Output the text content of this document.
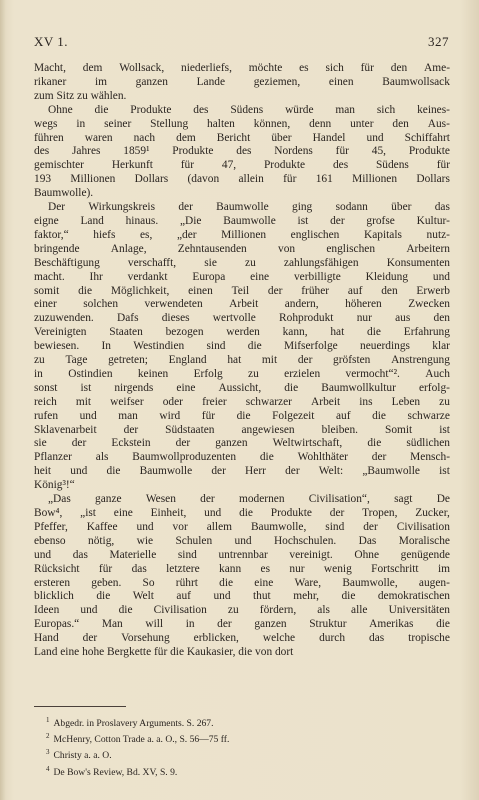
XV 1.	327
Macht, dem Wollsack, niederliefs, möchte es sich für den Ame-
rikaner	im	ganzen	Lande	geziemen,	einen	Baumwollsack
zum Sitz zu wählen.
Ohne die Produkte des Südens würde man sich keines-
wegs in seiner Stellung halten können, denn unter den Aus-
führen waren nach dem Bericht über Handel und Schiffahrt
des Jahres 1859¹ Produkte des Nordens für 45, Produkte
gemischter Herkunft für 47, Produkte des Südens für
193 Millionen Dollars (davon allein für 161 Millionen Dollars
Baumwolle).
Der Wirkungskreis der Baumwolle ging sodann über das
eigne Land hinaus. „Die Baumwolle ist der grofse Kultur-
faktor,“ hiefs es, „der Millionen englischen Kapitals nutz-
bringende	Anlage,	Zehntausenden	von	englischen	Arbeitern
Beschäftigung verschafft, sie zu zahlungsfähigen Konsumenten
macht. Ihr verdankt Europa eine verbilligte Kleidung und
somit die Möglichkeit, einen Teil der früher auf den Erwerb
einer solchen verwendeten Arbeit andern, höheren Zwecken
zuzuwenden. Dafs dieses wertvolle Rohprodukt nur aus den
Vereinigten Staaten bezogen werden kann, hat die Erfahrung
bewiesen. In Westindien sind die Mifserfolge neuerdings klar
zu Tage getreten; England hat mit der gröfsten Anstrengung
in Ostindien keinen Erfolg zu erzielen vermocht“². Auch
sonst ist nirgends eine Aussicht, die Baumwollkultur erfolg-
reich mit weifser oder freier schwarzer Arbeit ins Leben zu
rufen und man wird für die Folgezeit auf die schwarze
Sklavenarbeit der Südstaaten angewiesen bleiben. Somit ist
sie der Eckstein der ganzen Weltwirtschaft, die südlichen
Pflanzer als Baumwollproduzenten die Wohlthäter der Mensch-
heit und die Baumwolle der Herr der Welt: „Baumwolle ist
König³!“
„Das ganze Wesen der modernen Civilisation“, sagt De
Bow⁴, „ist eine Einheit, und die Produkte der Tropen, Zucker,
Pfeffer, Kaffee und vor allem Baumwolle, sind der Civilisation
ebenso nötig, wie Schulen und Hochschulen. Das Moralische
und das Materielle sind untrennbar vereinigt. Ohne genügende
Rücksicht für das letztere kann es nur wenig Fortschritt im
ersteren geben. So rührt die eine Ware, Baumwolle, augen-
blicklich die Welt auf und thut mehr, die demokratischen
Ideen und die Civilisation zu fördern, als alle Universitäten
Europas.“ Man will in der ganzen Struktur Amerikas die
Hand der Vorsehung erblicken, welche durch das tropische
Land eine hohe Bergkette für die Kaukasier, die von dort
$^1$ Abgedr. in Proslavery Arguments. S. 267.
$^2$ McHenry, Cotton Trade a. a. O., S. 56—75 ff.
$^3$ Christy a. a. O.
$^4$ De Bow's Review, Bd. XV, S. 9.
